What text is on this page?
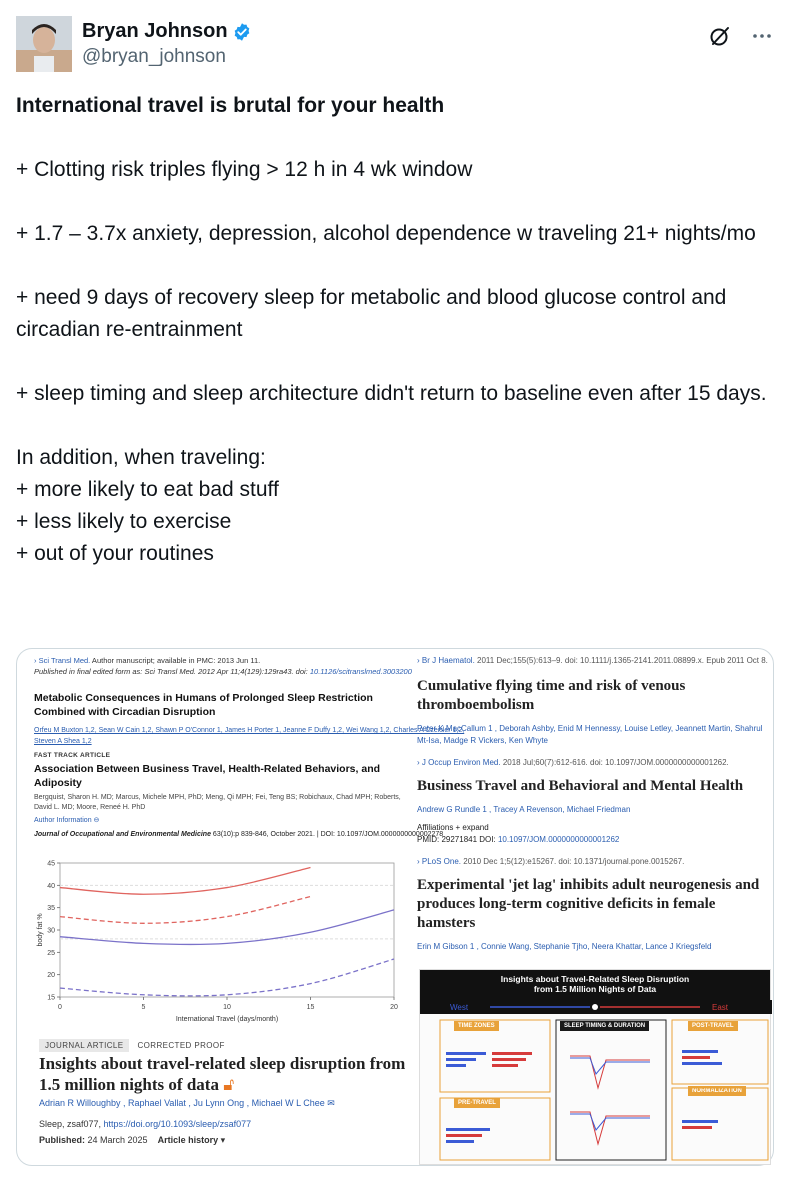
Bryan Johnson
@bryan_johnson

International travel is brutal for your health

+ Clotting risk triples flying > 12 h in 4 wk window

+ 1.7 – 3.7x anxiety, depression, alcohol dependence w traveling 21+ nights/mo

+ need 9 days of recovery sleep for metabolic and blood glucose control and circadian re-entrainment

+ sleep timing and sleep architecture didn't return to baseline even after 15 days.

In addition, when traveling:

+ more likely to eat bad stuff

+ less likely to exercise

+ out of your routines

› Sci Transl Med. Author manuscript; available in PMC: 2013 Jun 11.
Published in final edited form as: Sci Transl Med. 2012 Apr 11;4(129):129ra43. doi: 10.1126/scitranslmed.3003200
Metabolic Consequences in Humans of Prolonged Sleep Restriction Combined with Circadian Disruption
Orfeu M Buxton 1,2, Sean W Cain 1,2, Shawn P O'Connor 1, James H Porter 1, Jeanne F Duffy 1,2, Wei Wang 1,2, Charles A Czeisler 1,2,
Steven A Shea 1,2
FAST TRACK ARTICLE
Association Between Business Travel, Health-Related Behaviors, and Adiposity
Bergquist, Sharon H. MD; Marcus, Michele MPH, PhD; Meng, Qi MPH; Fei, Teng BS; Robichaux, Chad MPH; Roberts, David L. MD; Moore, Reneé H. PhD
Author Information ⊖
Journal of Occupational and Environmental Medicine 63(10):p 839-846, October 2021. | DOI: 10.1097/JOM.0000000000002278
15
20
25
30
35
40
45
0	5	10	15	20
International Travel (days/month)
body fat %
JOURNAL ARTICLE	CORRECTED PROOF
Insights about travel-related sleep disruption from 1.5 million nights of data 🔓︎
Adrian R Willoughby , Raphael Vallat , Ju Lynn Ong , Michael W L Chee ✉
Sleep, zsaf077, https://doi.org/10.1093/sleep/zsaf077
Published: 24 March 2025 Article history ▾
› Br J Haematol. 2011 Dec;155(5):613–9. doi: 10.1111/j.1365-2141.2011.08899.x. Epub 2011 Oct 8.
Cumulative flying time and risk of venous thromboembolism
Peter K MacCallum 1 , Deborah Ashby, Enid M Hennessy, Louise Letley, Jeannett Martin, Shahrul Mt-Isa, Madge R Vickers, Ken Whyte
› J Occup Environ Med. 2018 Jul;60(7):612-616. doi: 10.1097/JOM.0000000000001262.
Business Travel and Behavioral and Mental Health
Andrew G Rundle 1 , Tracey A Revenson, Michael Friedman
Affiliations + expand
PMID: 29271841 DOI: 10.1097/JOM.0000000000001262
› PLoS One. 2010 Dec 1;5(12):e15267. doi: 10.1371/journal.pone.0015267.
Experimental 'jet lag' inhibits adult neurogenesis and produces long-term cognitive deficits in female hamsters
Erin M Gibson 1 , Connie Wang, Stephanie Tjho, Neera Khattar, Lance J Kriegsfeld
Insights about Travel-Related Sleep Disruption
from 1.5 Million Nights of Data
West	East
TIME ZONES	SLEEP TIMING & DURATION	POST-TRAVEL
PRE-TRAVEL
NORMALIZATION
